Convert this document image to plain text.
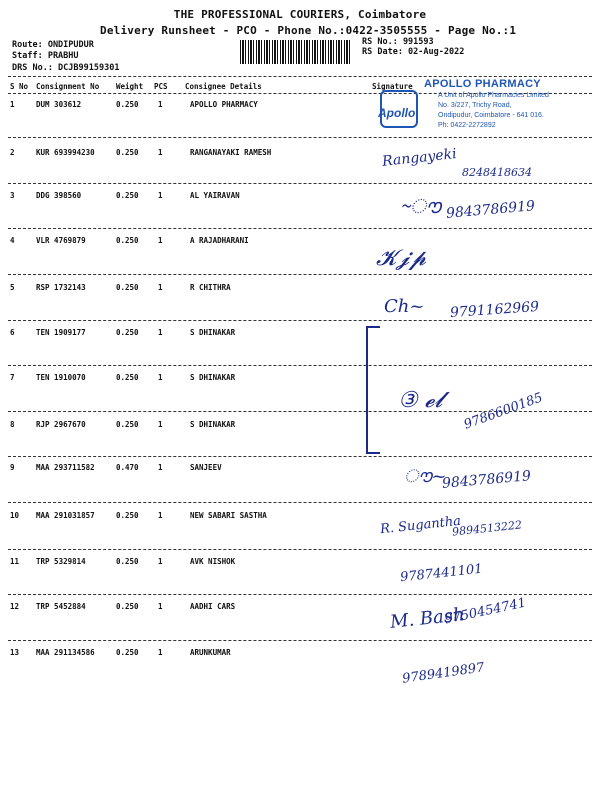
THE PROFESSIONAL COURIERS, Coimbatore
Delivery Runsheet - PCO - Phone No.:0422-3505555 - Page No.:1
Route: ONDIPUDUR
Staff: PRABHU
DRS No.: DCJB99159301
RS No.: 991593
RS Date: 02-Aug-2022
S No Consignment No Weight PCS Consignee Details	Signature
1	DUM 303612	0.250	1	APOLLO PHARMACY
2	KUR 693994230	0.250	1	RANGANAYAKI RAMESH
3	DDG 398560	0.250	1	AL YAIRAVAN
4	VLR 4769879	0.250	1	A RAJADHARANI
5	RSP 1732143	0.250	1	R CHITHRA
6	TEN 1909177	0.250	1	S DHINAKAR
7	TEN 1910070	0.250	1	S DHINAKAR
8	RJP 2967670	0.250	1	S DHINAKAR
9	MAA 293711582	0.470	1	SANJEEV
10 MAA 291031857	0.250	1	NEW SABARI SASTHA
11 TRP 5329814	0.250	1	AVK NISHOK
12 TRP 5452884	0.250	1	AADHI CARS
13 MAA 291134586	0.250	1	ARUNKUMAR
Apollo
APOLLO PHARMACY
A Unit of Apollo Pharmacies Limited
No. 3/227, Trichy Road,
Ondipudur, Coimbatore - 641 016.
Ph: 0422-2272892
Rangayeki
8248418634
9843786919
~ൗ
𝓚𝓳𝓹
9791162969
Ch~
③ 𝓮𝓵 9786600185
9843786919
ൗ~
R. Sugantha
9894513222
9787441101
M. Bash
9750454741
9789419897
